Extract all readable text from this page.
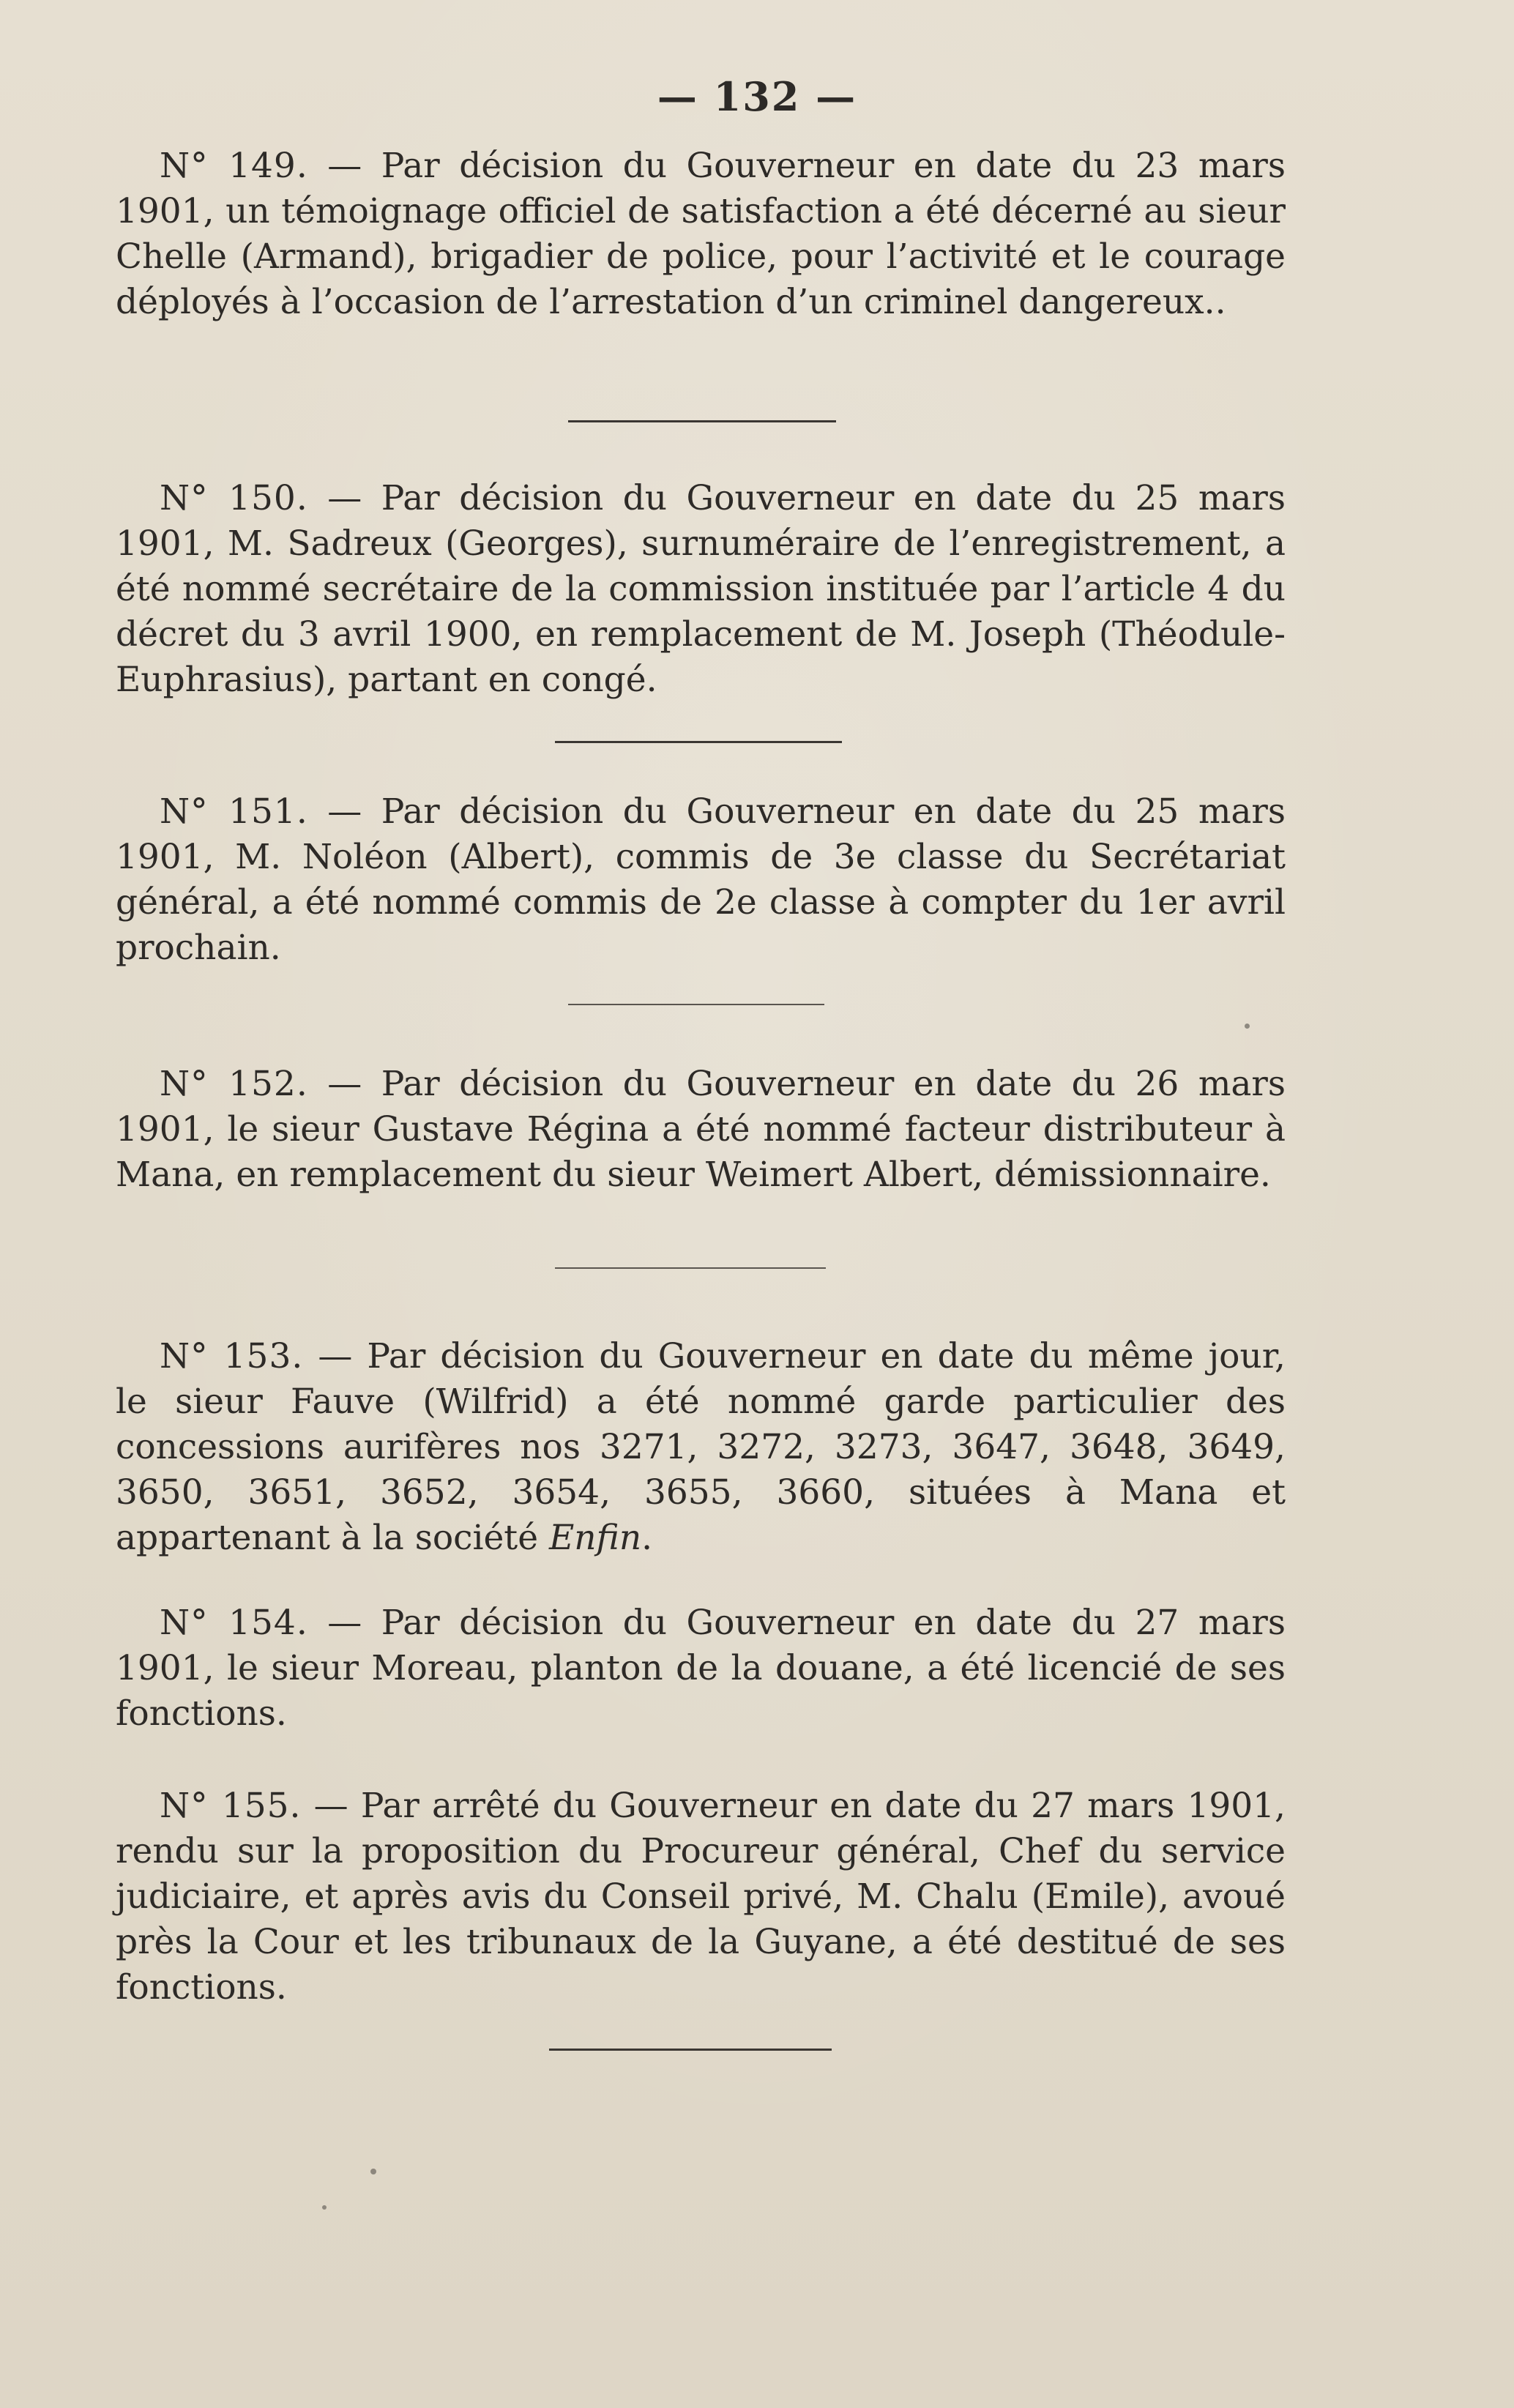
— 132 —

N° 149. — Par décision du Gouverneur en date du 23 mars 1901, un témoignage officiel de satisfaction a été décerné au sieur Chelle (Armand), brigadier de police, pour l’activité et le courage déployés à l’occasion de l’arrestation d’un criminel dangereux..

N° 150. — Par décision du Gouverneur en date du 25 mars 1901, M. Sadreux (Georges), surnuméraire de l’enregistrement, a été nommé secrétaire de la commission instituée par l’article 4 du décret du 3 avril 1900, en remplacement de M. Joseph (Théodule-Euphrasius), partant en congé.

N° 151. — Par décision du Gouverneur en date du 25 mars 1901, M. Noléon (Albert), commis de 3e classe du Secrétariat général, a été nommé commis de 2e classe à compter du 1er avril prochain.

N° 152. — Par décision du Gouverneur en date du 26 mars 1901, le sieur Gustave Régina a été nommé facteur distributeur à Mana, en remplacement du sieur Weimert Albert, démissionnaire.

N° 153. — Par décision du Gouverneur en date du même jour, le sieur Fauve (Wilfrid) a été nommé garde particulier des concessions aurifères nos 3271, 3272, 3273, 3647, 3648, 3649, 3650, 3651, 3652, 3654, 3655, 3660, situées à Mana et appartenant à la société Enfin.

N° 154. — Par décision du Gouverneur en date du 27 mars 1901, le sieur Moreau, planton de la douane, a été licencié de ses fonctions.

N° 155. — Par arrêté du Gouverneur en date du 27 mars 1901, rendu sur la proposition du Procureur général, Chef du service judiciaire, et après avis du Conseil privé, M. Chalu (Emile), avoué près la Cour et les tribunaux de la Guyane, a été destitué de ses fonctions.
